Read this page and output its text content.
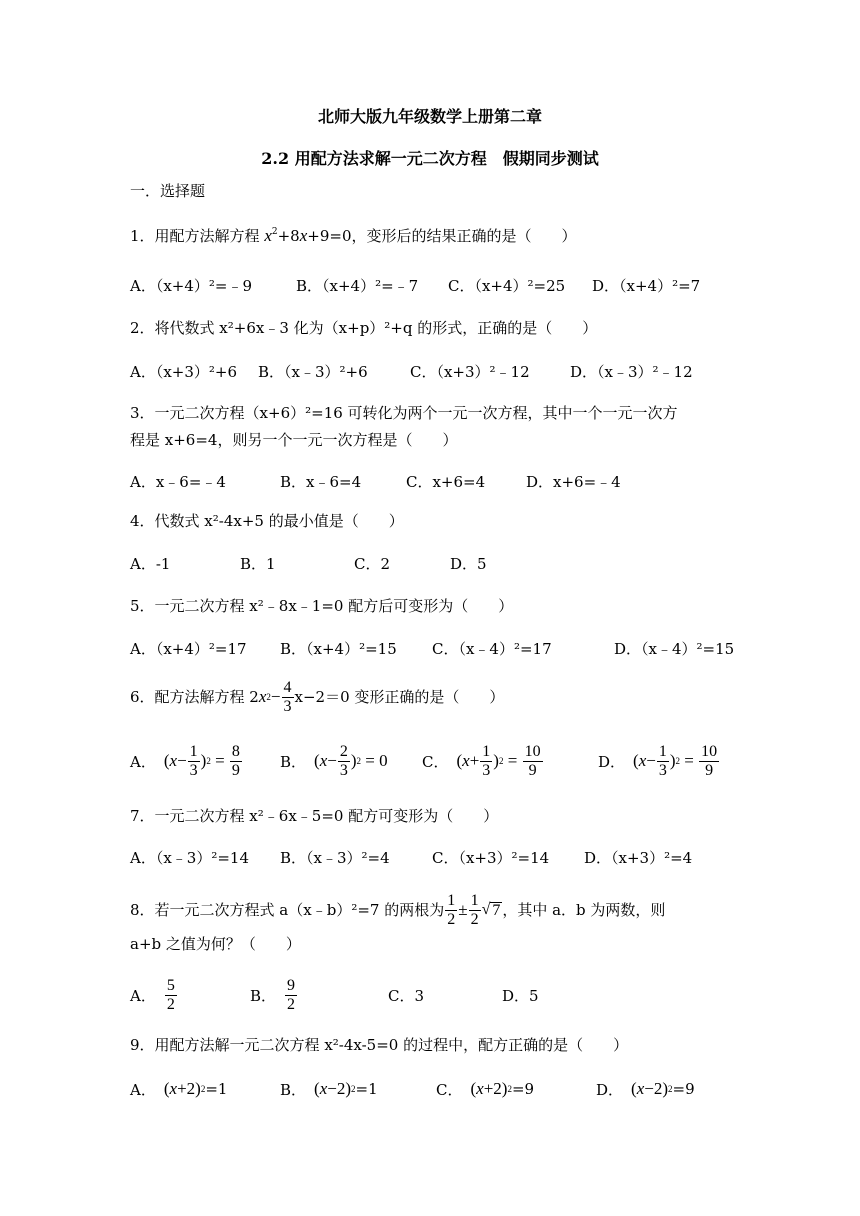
北师大版九年级数学上册第二章
2.2 用配方法求解一元二次方程　假期同步测试
一．选择题
1．用配方法解方程 $x^2+8x+9=0$，变形后的结果正确的是（　　）
A．（x+4）²=﹣9	B．（x+4）²=﹣7 C．（x+4）²=25 D．（x+4）²=7
2．将代数式 x²+6x﹣3 化为（x+p）²+q 的形式，正确的是（　　）
A．（x+3）²+6 B．（x﹣3）²+6	C．（x+3）²﹣12	D．（x﹣3）²﹣12
3．一元二次方程（x+6）²=16 可转化为两个一元一次方程，其中一个一元一次方
程是 x+6=4，则另一个一元一次方程是（　　）
A．x﹣6=﹣4	B．x﹣6=4	C．x+6=4	D．x+6=﹣4
4．代数式 x²-4x+5 的最小值是（　　）
A．-1	B．1	C．2	D．5
5．一元二次方程 x²﹣8x﹣1=0 配方后可变形为（　　）
A．（x+4）²=17 B．（x+4）²=15 C．（x﹣4）²=17	D．（x﹣4）²=15
6．配方法解方程 2 x $2 - \frac{4}{3} x-2=0$ 变形正确的是（　　）
A． ( $x - \frac{1}{3}$ ) $2 = \frac{8}{9}$	B． ( $x - \frac{2}{3}$ ) 2 = 0 C． ( $x + \frac{1}{3}$ ) $2 = \frac{10}{9}$	D． ( $x - \frac{1}{3}$ ) $2 = \frac{10}{9}$
7．一元二次方程 x²﹣6x﹣5=0 配方可变形为（　　）
A．（x﹣3）²=14 B．（x﹣3）²=4	C．（x+3）²=14 D．（x+3）²=4
8．若一元二次方程式 a（x﹣b）²=7 的两根为 $\frac{1}{2} \pm \frac{1}{2}$ √ 7 ，其中 a．b 为两数，则
a+b 之值为何？（　　）
A． $\frac{5}{2}$	B． $\frac{9}{2}$	C．3	D．5
9．用配方法解一元二次方程 x²-4x-5=0 的过程中，配方正确的是（　　）
A． ( x +2) 2 =1	B． ( x −2) 2 =1	C． ( x +2) 2 =9	D． ( x −2) 2 =9
